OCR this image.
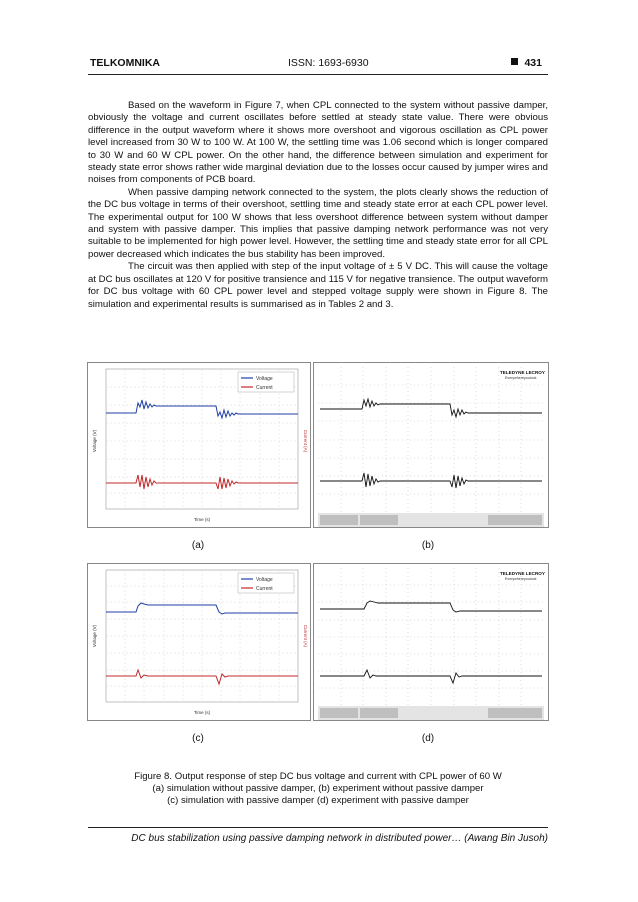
TELKOMNIKA	ISSN: 1693-6930	431

Based on the waveform in Figure 7, when CPL connected to the system without passive damper, obviously the voltage and current oscillates before settled at steady state value. There were obvious difference in the output waveform where it shows more overshoot and vigorous oscillation as CPL power level increased from 30 W to 100 W. At 100 W, the settling time was 1.06 second which is longer compared to 30 W and 60 W CPL power. On the other hand, the difference between simulation and experiment for steady state error shows rather wide marginal deviation due to the losses occur caused by jumper wires and noises from components of PCB board.

When passive damping network connected to the system, the plots clearly shows the reduction of the DC bus voltage in terms of their overshoot, settling time and steady state error at each CPL power level. The experimental output for 100 W shows that less overshoot difference between system without damper and system with passive damper. This implies that passive damping network performance was not very suitable to be implemented for high power level. However, the settling time and steady state error for all CPL power decreased which indicates the bus stability has been improved.

The circuit was then applied with step of the input voltage of ± 5 V DC. This will cause the voltage at DC bus oscillates at 120 V for positive transience and 115 V for negative transience. The output waveform for DC bus voltage with 60 CPL power level and stepped voltage supply were shown in Figure 8. The simulation and experimental results is summarised as in Tables 2 and 3.

Voltage
Current
Time (s)
Voltage (V)	Current (A)
TELEDYNE LECROY
Everywhereyoulook
(a)	(b)
Voltage
Current
Time (s)
Voltage (V)	Current (A)
TELEDYNE LECROY
Everywhereyoulook
(c)	(d)
Figure 8. Output response of step DC bus voltage and current with CPL power of 60 W
(a) simulation without passive damper, (b) experiment without passive damper
(c) simulation with passive damper (d) experiment with passive damper
DC bus stabilization using passive damping network in distributed power… (Awang Bin Jusoh)
